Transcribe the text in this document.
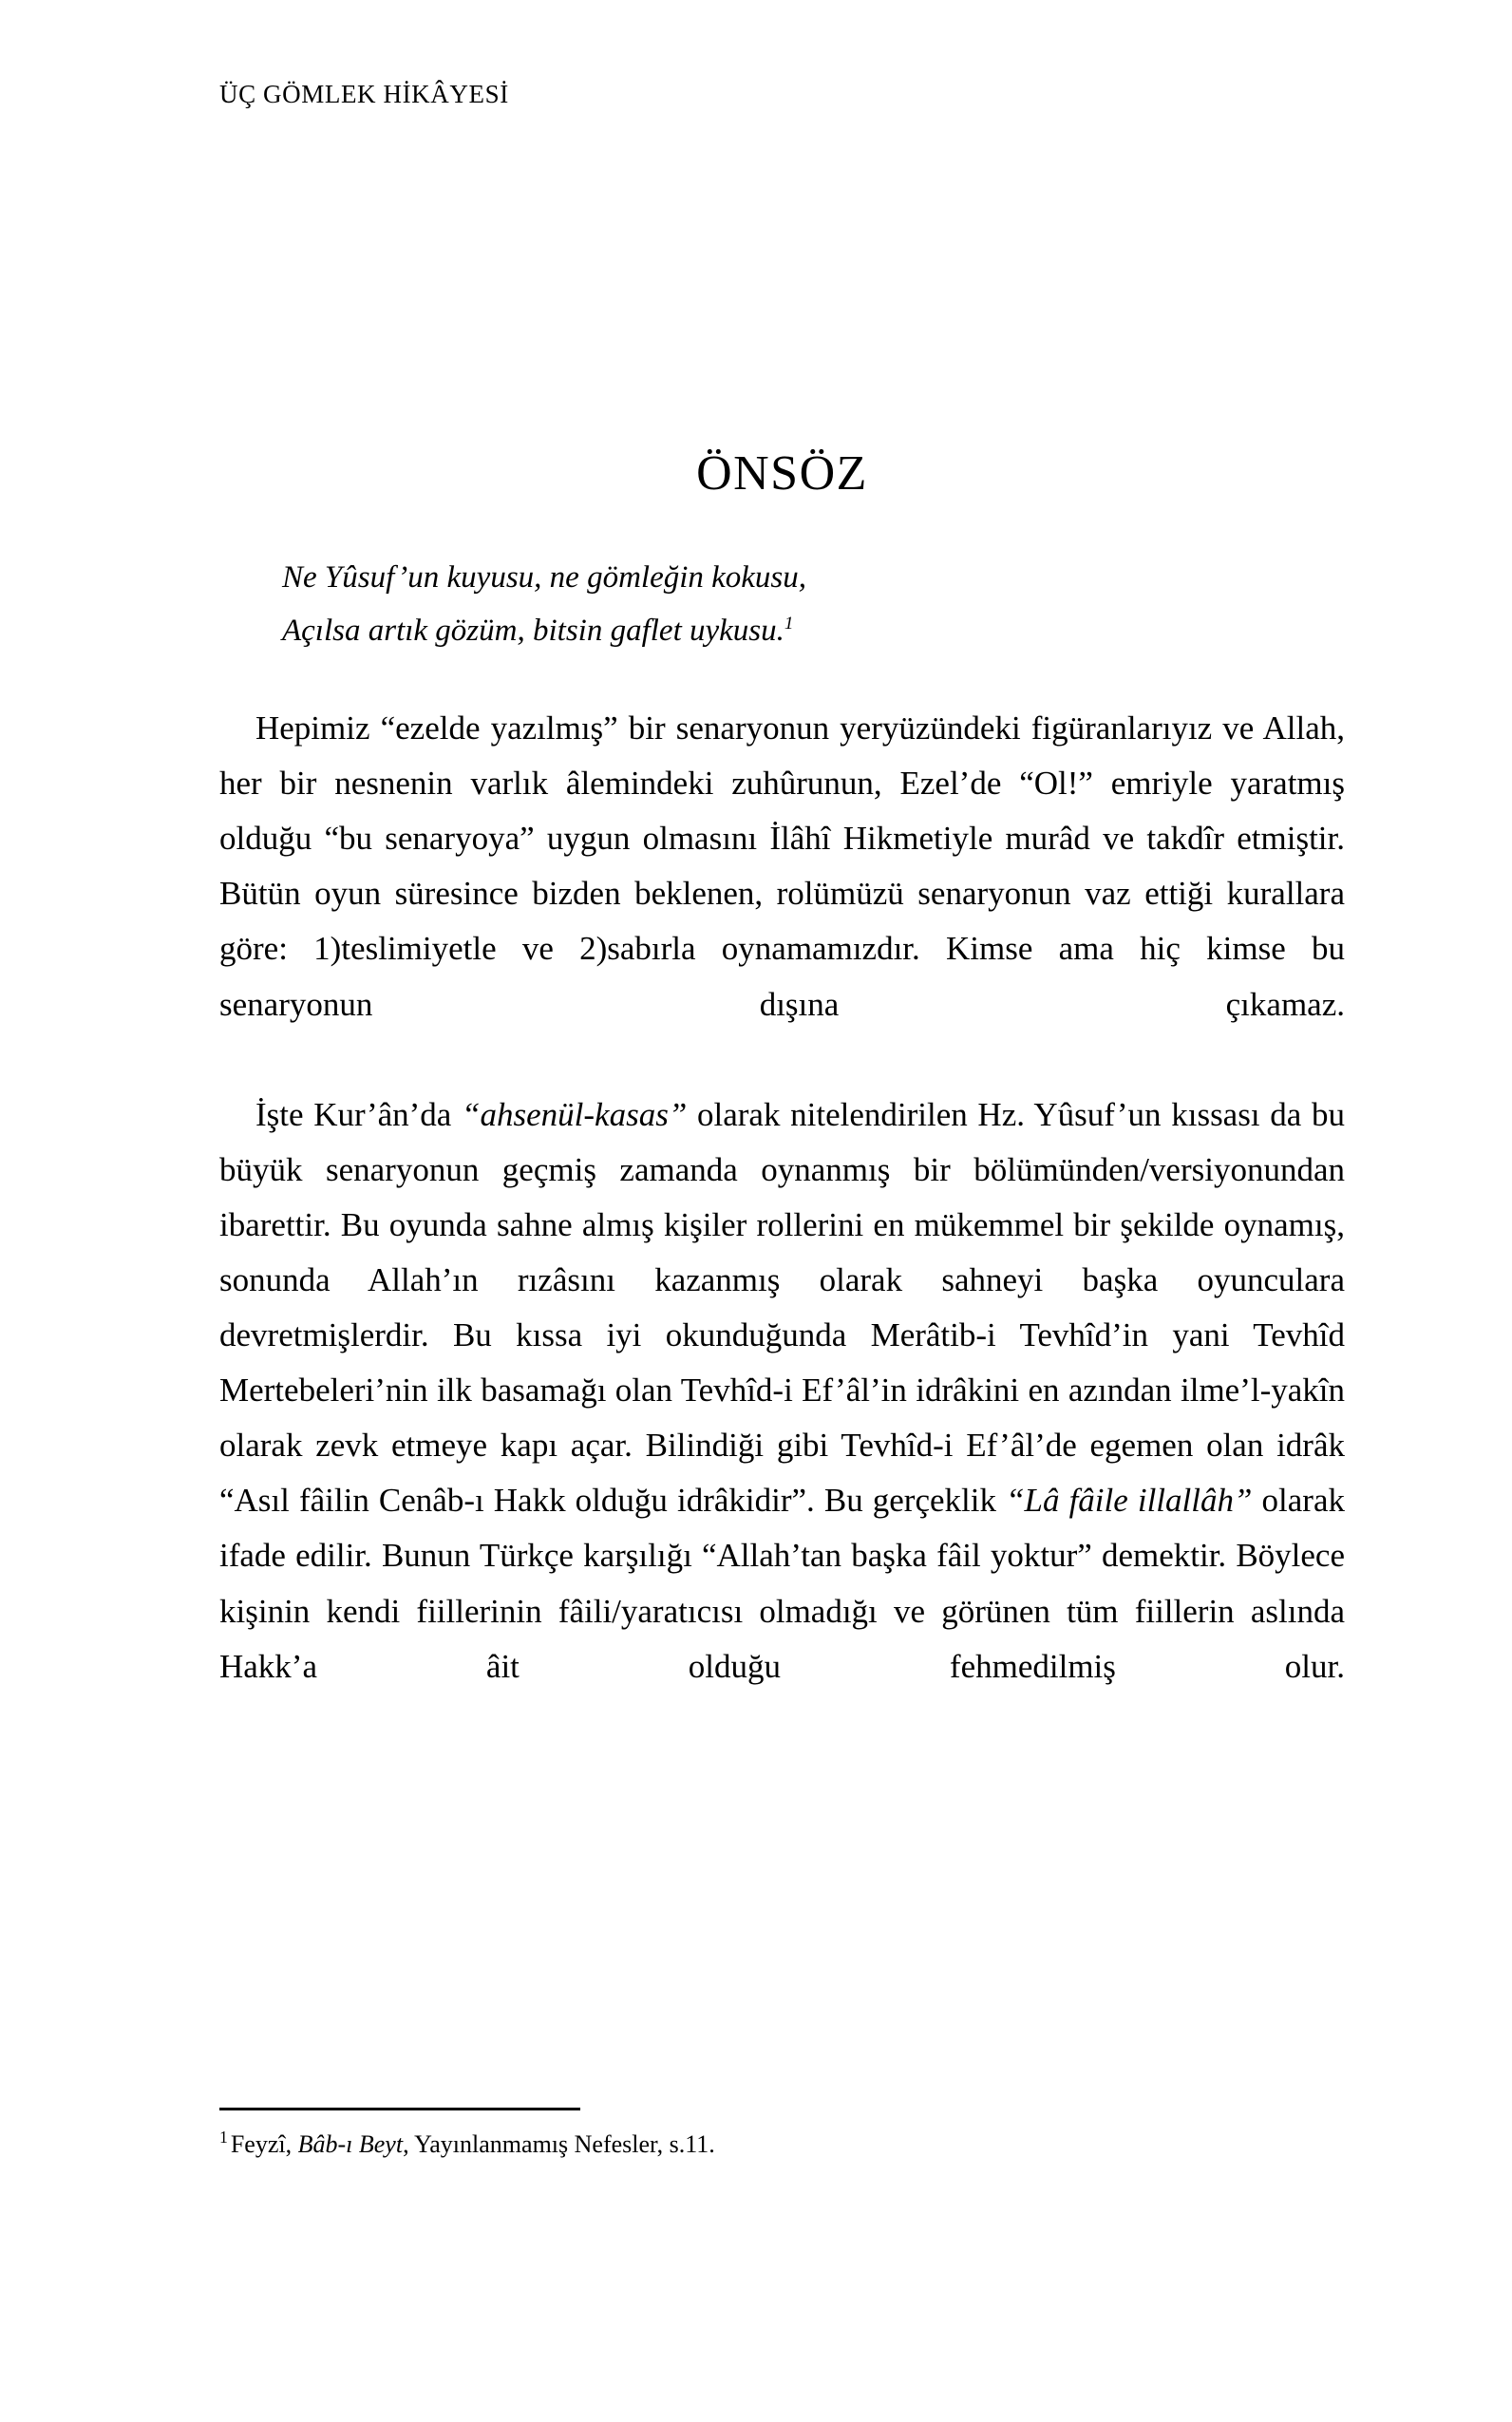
ÜÇ GÖMLEK HİKÂYESİ
ÖNSÖZ
Ne Yûsuf’un kuyusu, ne gömleğin kokusu,
Açılsa artık gözüm, bitsin gaflet uykusu.$^1$

Hepimiz “ezelde yazılmış” bir senaryonun yeryüzündeki figüranlarıyız ve Allah, her bir nesnenin varlık âlemindeki zuhûrunun, Ezel’de “Ol!” emriyle yaratmış olduğu “bu senaryoya” uygun olmasını İlâhî Hikmetiyle murâd ve takdîr etmiştir. Bütün oyun süresince bizden beklenen, rolümüzü senaryonun vaz ettiği kurallara göre: 1)teslimiyetle ve 2)sabırla oynamamızdır. Kimse ama hiç kimse bu senaryonun dışına çıkamaz.

İşte Kur’ân’da “ahsenül-kasas” olarak nitelendirilen Hz. Yûsuf’un kıssası da bu büyük senaryonun geçmiş zamanda oynanmış bir bölümünden/versiyonundan ibarettir. Bu oyunda sahne almış kişiler rollerini en mükemmel bir şekilde oynamış, sonunda Allah’ın rızâsını kazanmış olarak sahneyi başka oyunculara devretmişlerdir. Bu kıssa iyi okunduğunda Merâtib-i Tevhîd’in yani Tevhîd Mertebeleri’nin ilk basamağı olan Tevhîd-i Ef’âl’in idrâkini en azından ilme’l-yakîn olarak zevk etmeye kapı açar. Bilindiği gibi Tevhîd-i Ef’âl’de egemen olan idrâk “Asıl fâilin Cenâb-ı Hakk olduğu idrâkidir”. Bu gerçeklik “Lâ fâile illallâh” olarak ifade edilir. Bunun Türkçe karşılığı “Allah’tan başka fâil yoktur” demektir. Böylece kişinin kendi fiillerinin fâili/yaratıcısı olmadığı ve görünen tüm fiillerin aslında Hakk’a âit olduğu fehmedilmiş olur.

$^1$ Feyzî, Bâb-ı Beyt, Yayınlanmamış Nefesler, s.11.
